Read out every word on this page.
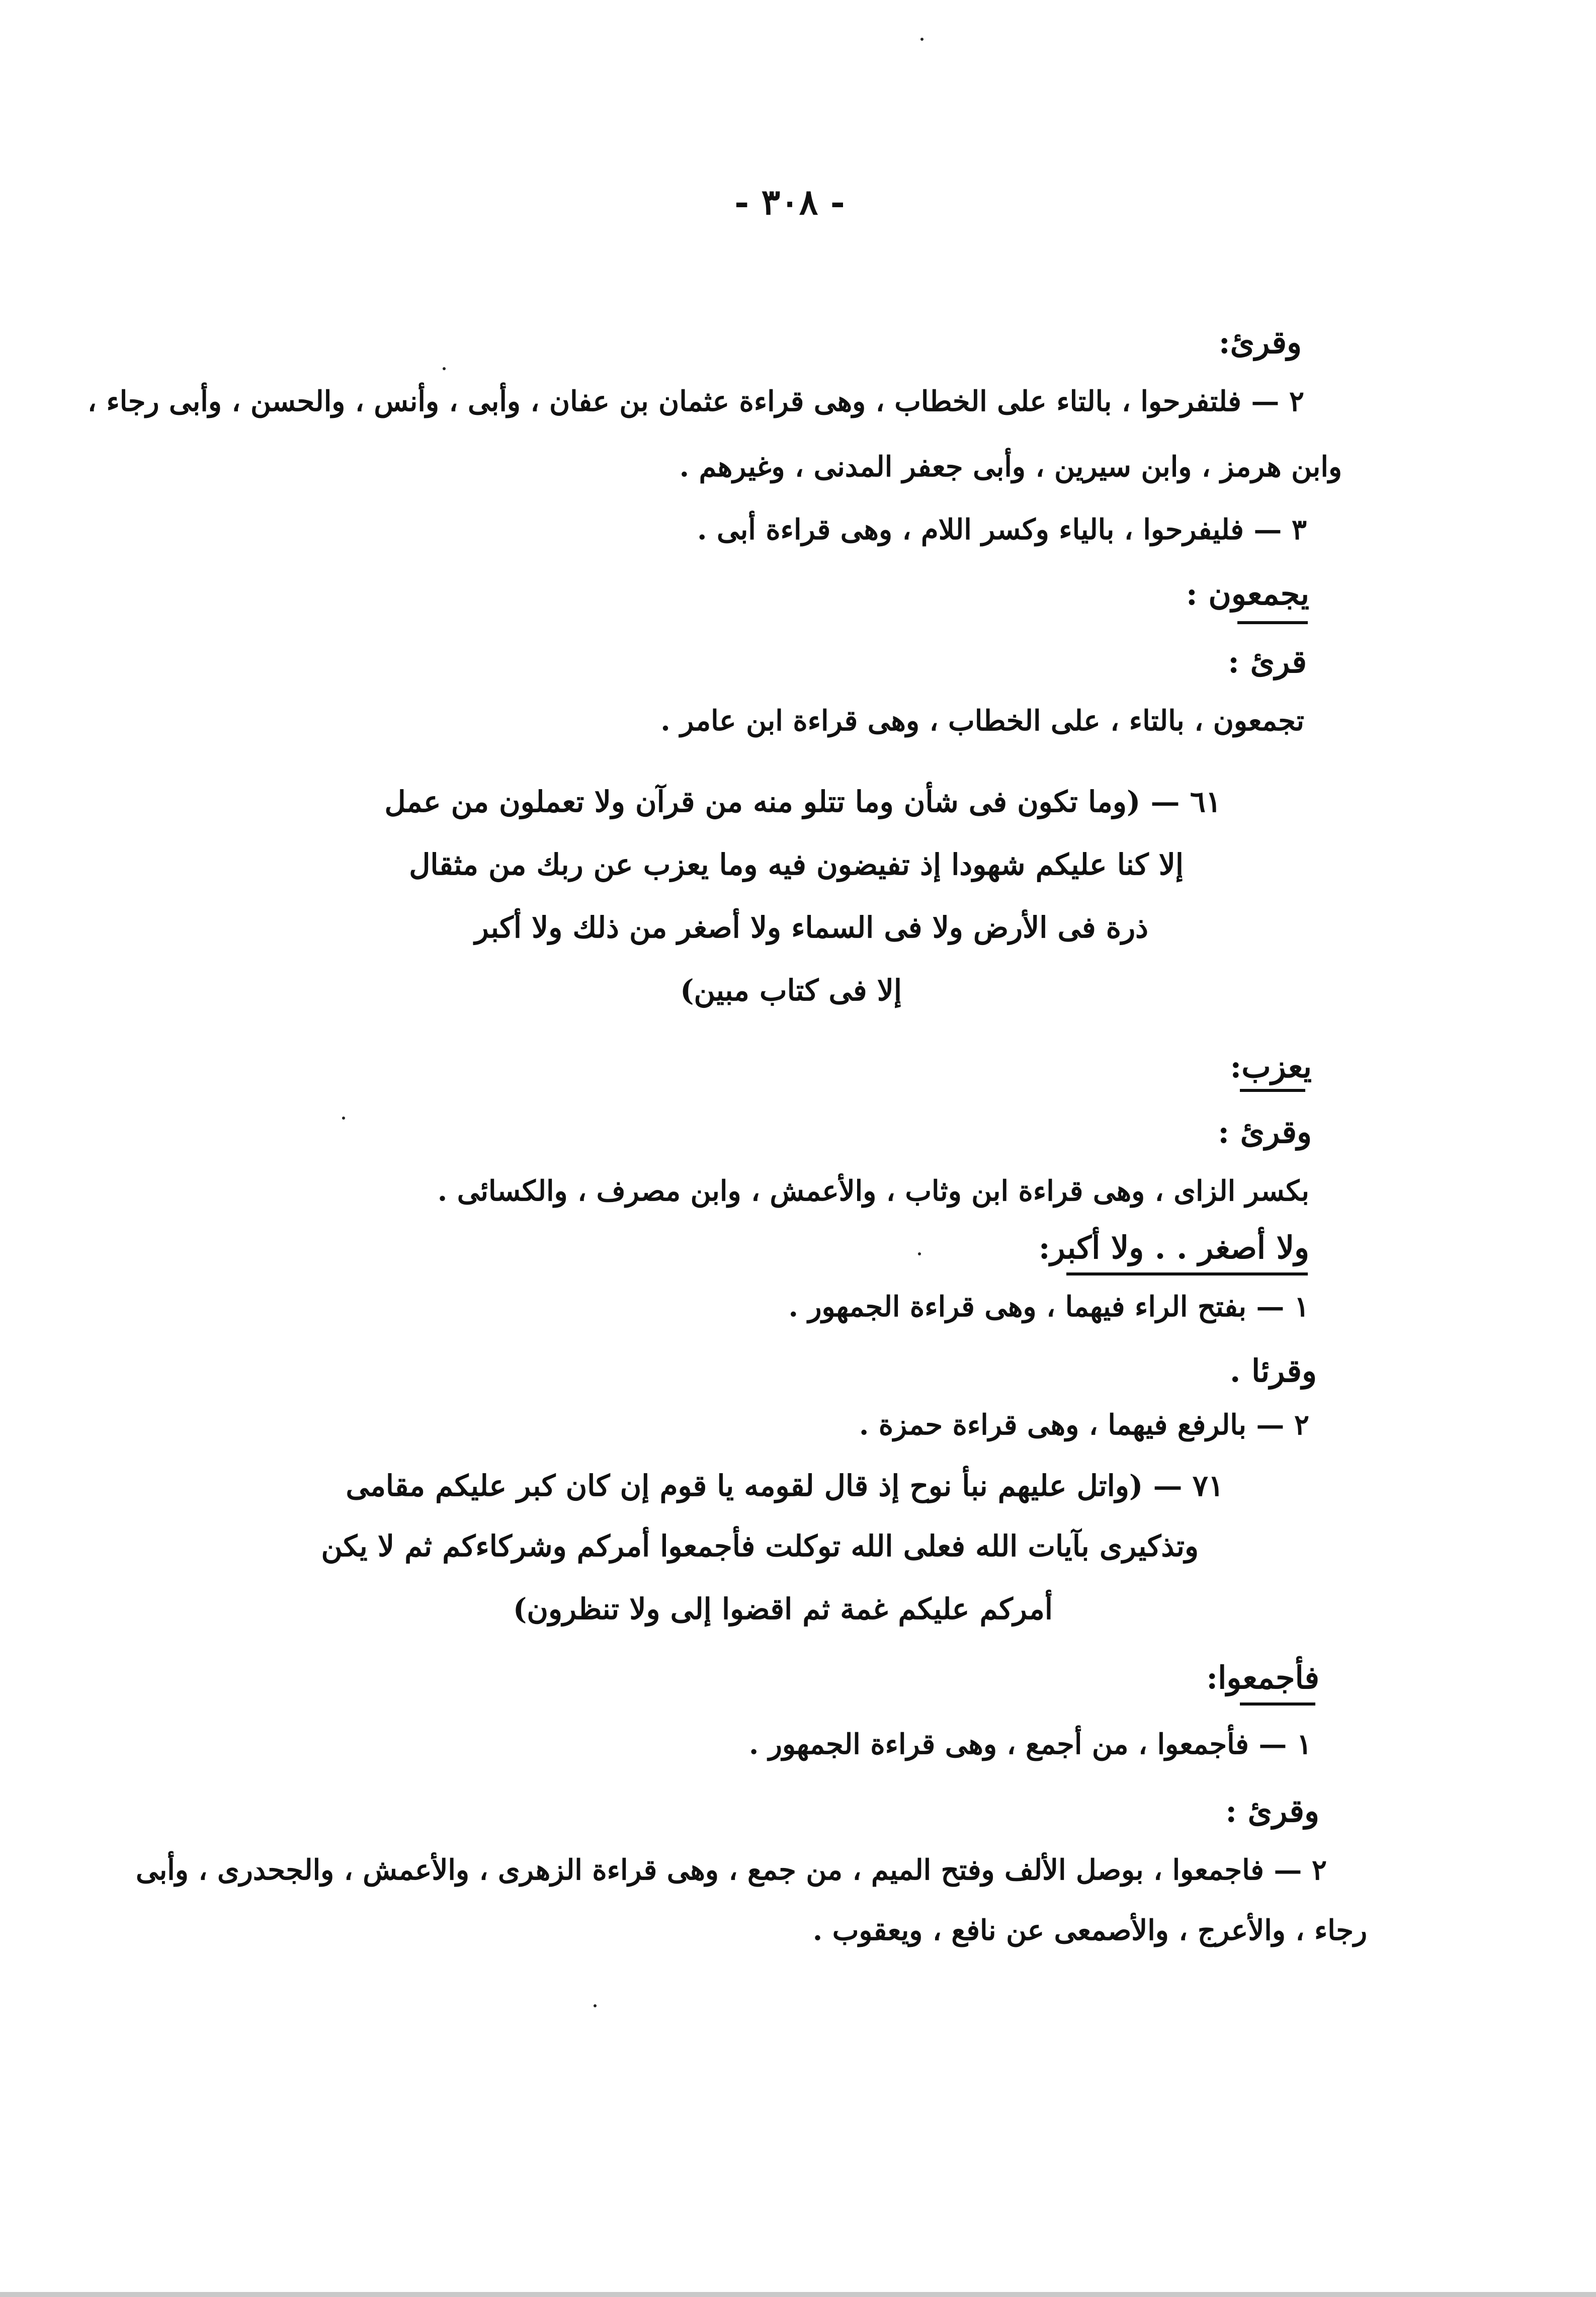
- ٣٠٨ -
وقرئ:
٢ — فلتفرحوا ، بالتاء على الخطاب ، وهى قراءة عثمان بن عفان ، وأبى ، وأنس ، والحسن ، وأبى رجاء ،
وابن هرمز ، وابن سيرين ، وأبى جعفر المدنى ، وغيرهم .
٣ — فليفرحوا ، بالياء وكسر اللام ، وهى قراءة أبى .
يجمعون :
قرئ :
تجمعون ، بالتاء ، على الخطاب ، وهى قراءة ابن عامر .
٦١ — (وما تكون فى شأن وما تتلو منه من قرآن ولا تعملون من عمل
إلا كنا عليكم شهودا إذ تفيضون فيه وما يعزب عن ربك من مثقال
ذرة فى الأرض ولا فى السماء ولا أصغر من ذلك ولا أكبر
إلا فى كتاب مبين)
يعزب:
وقرئ :
بكسر الزاى ، وهى قراءة ابن وثاب ، والأعمش ، وابن مصرف ، والكسائى .
ولا أصغر . . ولا أكبر:
١ — بفتح الراء فيهما ، وهى قراءة الجمهور .
وقرئا .
٢ — بالرفع فيهما ، وهى قراءة حمزة .
٧١ — (واتل عليهم نبأ نوح إذ قال لقومه يا قوم إن كان كبر عليكم مقامى
وتذكيرى بآيات الله فعلى الله توكلت فأجمعوا أمركم وشركاءكم ثم لا يكن
أمركم عليكم غمة ثم اقضوا إلى ولا تنظرون)
فأجمعوا:
١ — فأجمعوا ، من أجمع ، وهى قراءة الجمهور .
وقرئ :
٢ — فاجمعوا ، بوصل الألف وفتح الميم ، من جمع ، وهى قراءة الزهرى ، والأعمش ، والجحدرى ، وأبى
رجاء ، والأعرج ، والأصمعى عن نافع ، ويعقوب .
